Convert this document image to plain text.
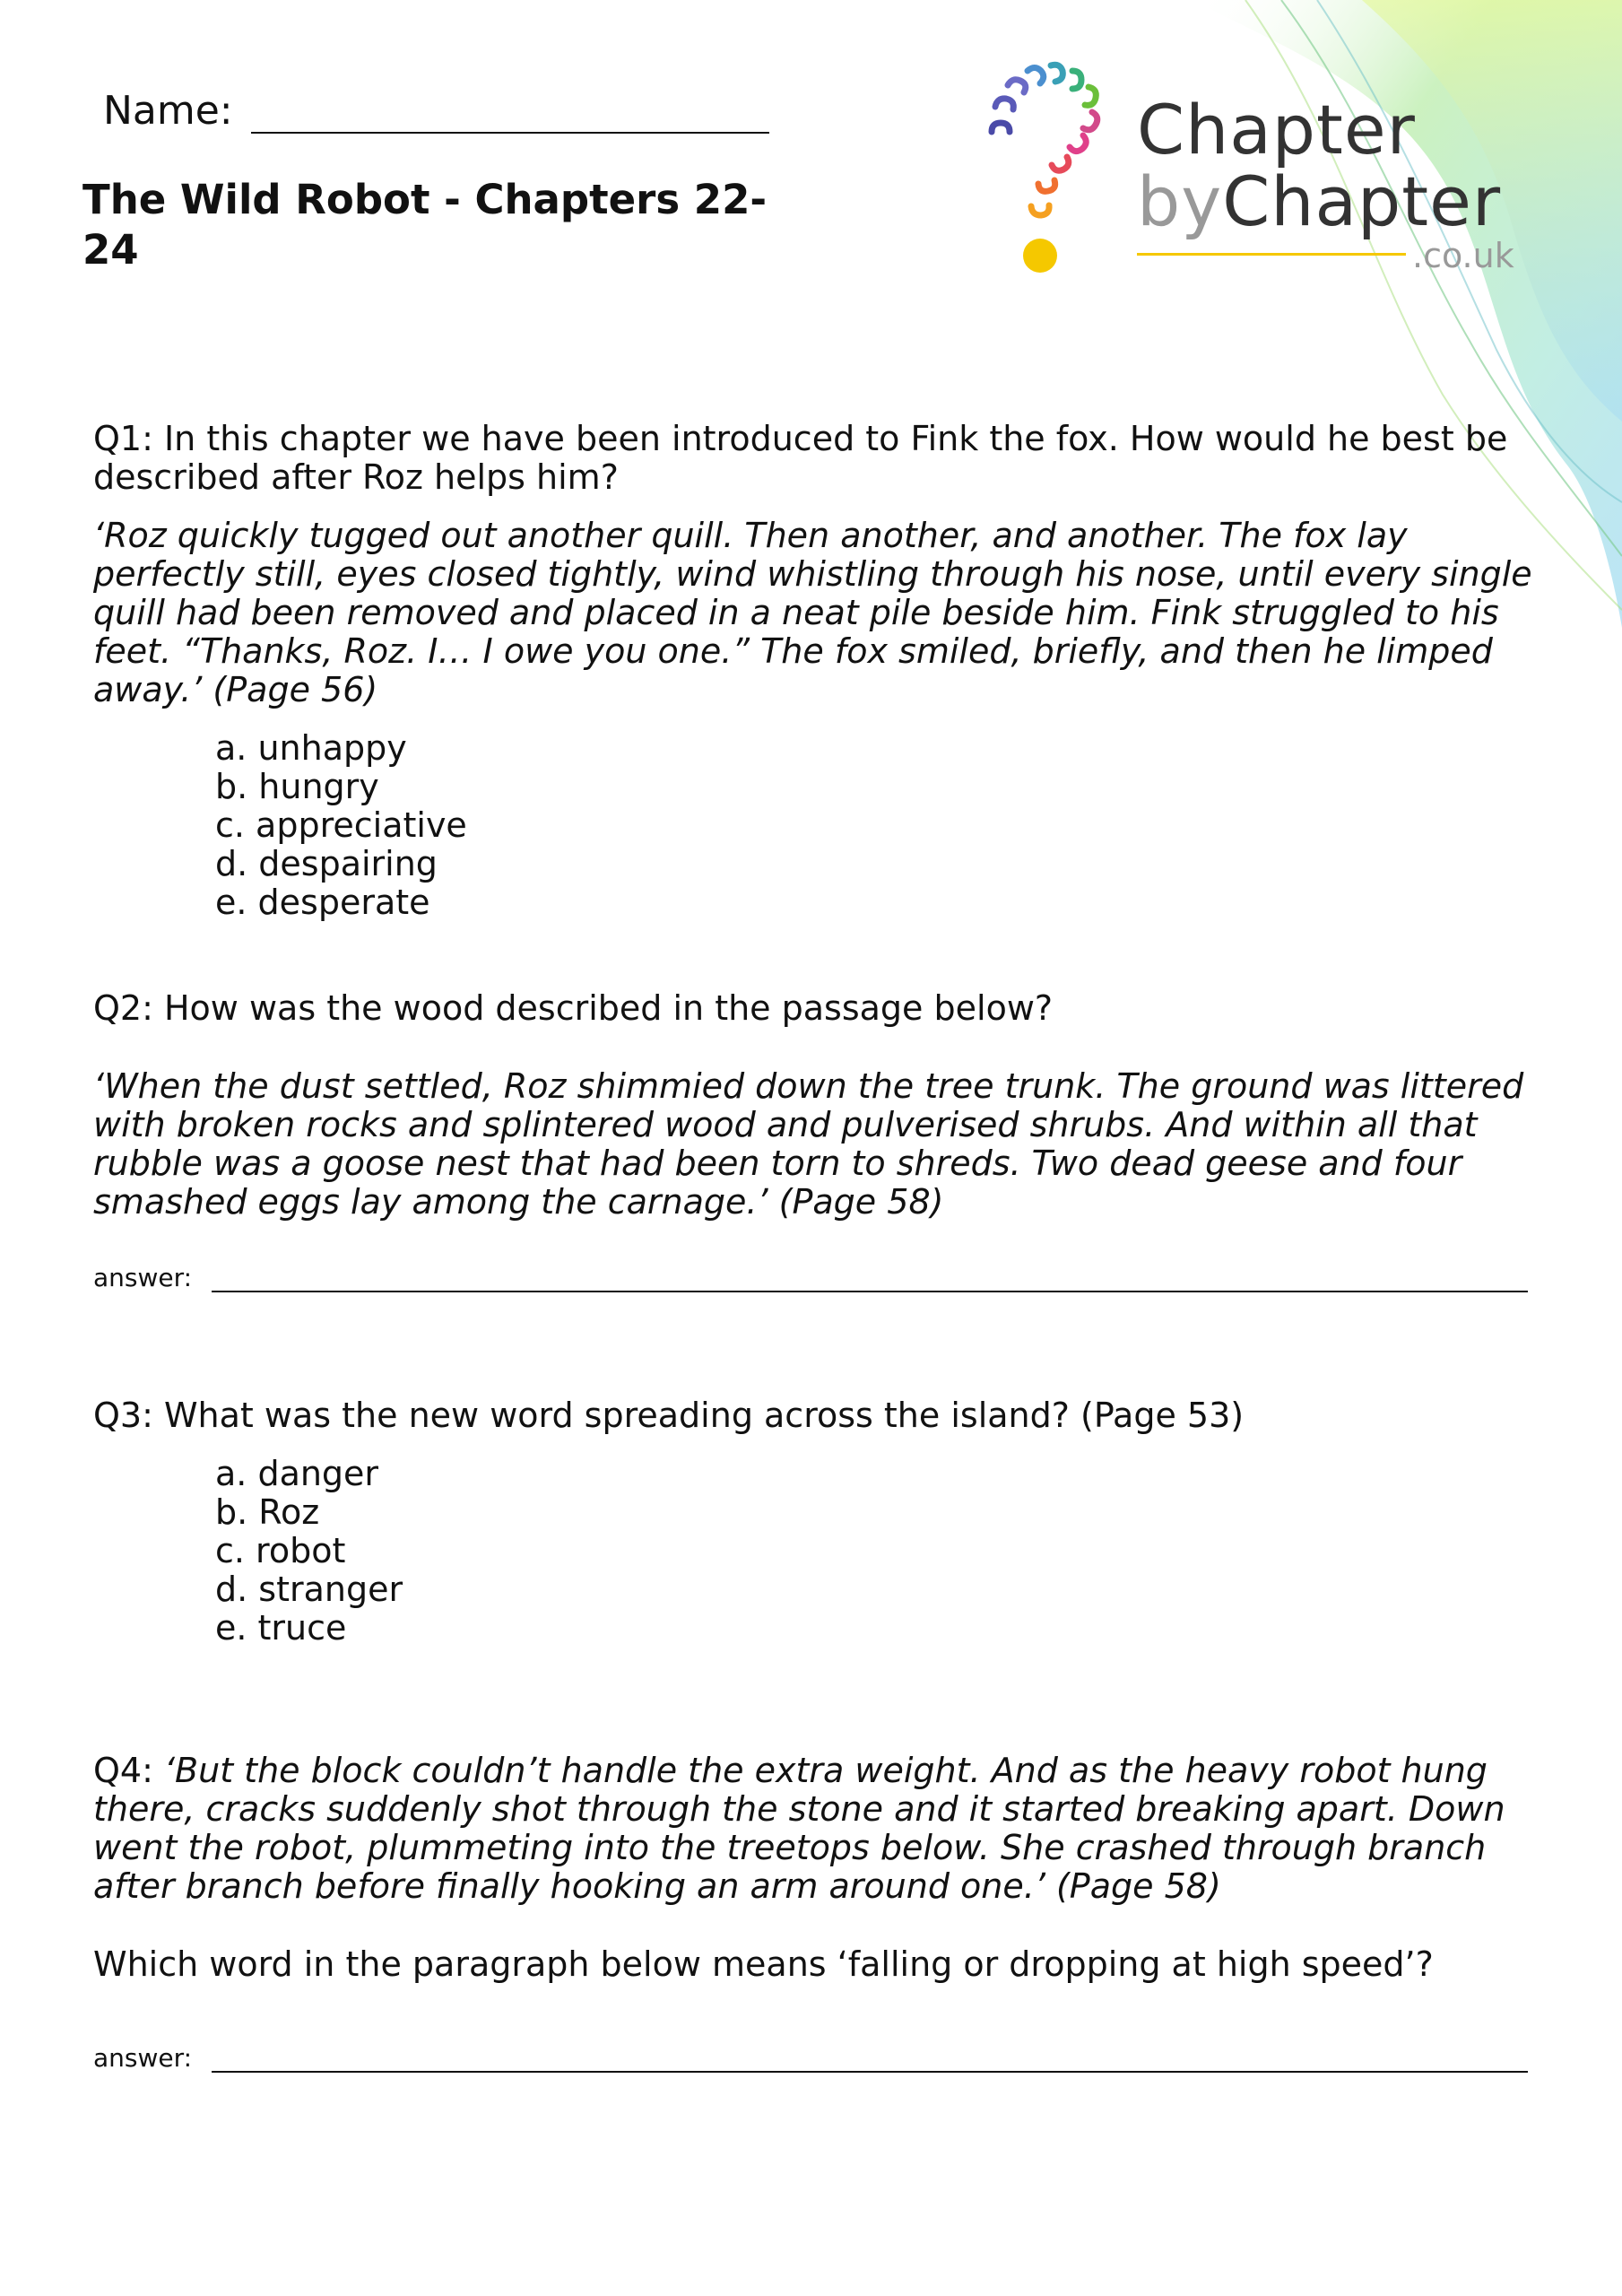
Name:
The Wild Robot - Chapters 22-24
Chapter
byChapter
.co.uk

Q1: In this chapter we have been introduced to Fink the fox. How would he best be described after Roz helps him?

‘Roz quickly tugged out another quill. Then another, and another. The fox lay perfectly still, eyes closed tightly, wind whistling through his nose, until every single quill had been removed and placed in a neat pile beside him. Fink struggled to his feet. “Thanks, Roz. I… I owe you one.” The fox smiled, briefly, and then he limped away.’ (Page 56)

a. unhappy
b. hungry
c. appreciative
d. despairing
e. desperate

Q2: How was the wood described in the passage below?

‘When the dust settled, Roz shimmied down the tree trunk. The ground was littered with broken rocks and splintered wood and pulverised shrubs. And within all that rubble was a goose nest that had been torn to shreds. Two dead geese and four smashed eggs lay among the carnage.’ (Page 58)

answer:

Q3: What was the new word spreading across the island? (Page 53)

a. danger
b. Roz
c. robot
d. stranger
e. truce

Q4: ‘But the block couldn’t handle the extra weight. And as the heavy robot hung there, cracks suddenly shot through the stone and it started breaking apart. Down went the robot, plummeting into the treetops below. She crashed through branch after branch before finally hooking an arm around one.’ (Page 58)

Which word in the paragraph below means ‘falling or dropping at high speed’?

answer:
